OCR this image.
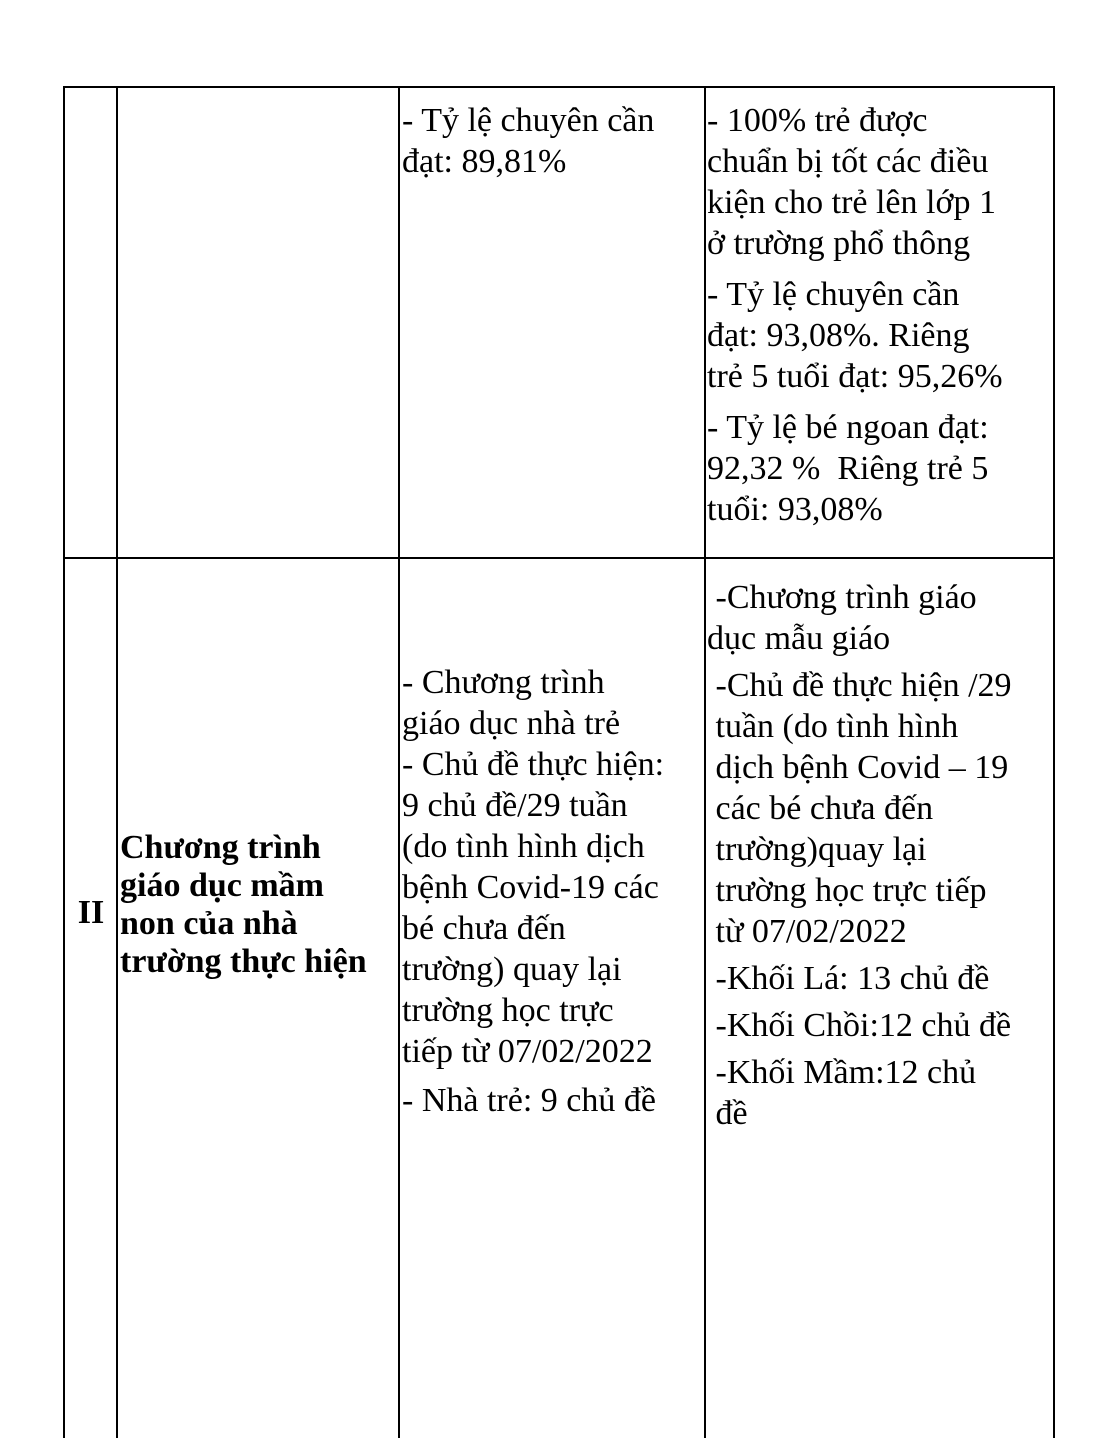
- Tỷ lệ chuyên cần
đạt: 89,81%
- 100% trẻ được
chuẩn bị tốt các điều
kiện cho trẻ lên lớp 1
ở trường phổ thông
- Tỷ lệ chuyên cần
đạt: 93,08%. Riêng
trẻ 5 tuổi đạt: 95,26%
- Tỷ lệ bé ngoan đạt:
92,32 %  Riêng trẻ 5
tuổi: 93,08%
II
Chương trình
giáo dục mầm
non của nhà
trường thực hiện
- Chương trình
giáo dục nhà trẻ
- Chủ đề thực hiện:
9 chủ đề/29 tuần
(do tình hình dịch
bệnh Covid-19 các
bé chưa đến
trường) quay lại
trường học trực
tiếp từ 07/02/2022
- Nhà trẻ: 9 chủ đề
-Chương trình giáo
dục mẫu giáo
-Chủ đề thực hiện /29
tuần (do tình hình
dịch bệnh Covid – 19
các bé chưa đến
trường)quay lại
trường học trực tiếp
từ 07/02/2022
-Khối Lá: 13 chủ đề
-Khối Chồi:12 chủ đề
-Khối Mầm:12 chủ
đề
